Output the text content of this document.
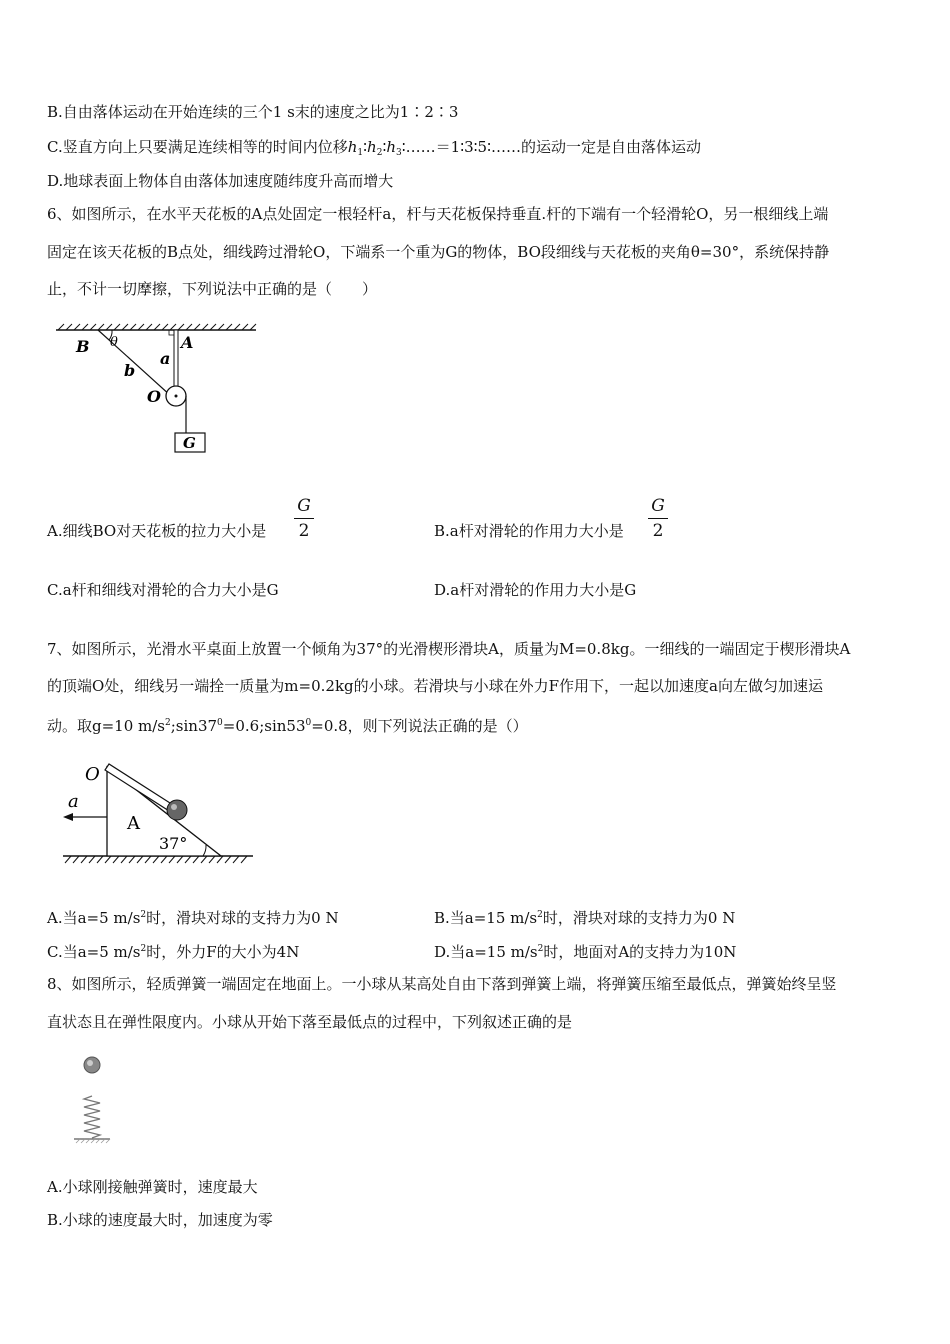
B.自由落体运动在开始连续的三个1 s末的速度之比为1∶2∶3
C.竖直方向上只要满足连续相等的时间内位移$h_1∶h_2∶h_3∶\dots\dots=1∶3∶5∶\dots\dots$的运动一定是自由落体运动
D.地球表面上物体自由落体加速度随纬度升高而增大
6、如图所示，在水平天花板的A点处固定一根轻杆a，杆与天花板保持垂直.杆的下端有一个轻滑轮O，另一根细线上端
固定在该天花板的B点处，细线跨过滑轮O，下端系一个重为G的物体，BO段细线与天花板的夹角θ=30°，系统保持静
止，不计一切摩擦，下列说法中正确的是（　　）
B θ	A
a
b
O
G
A.细线BO对天花板的拉力大小是
G
2	B.a杆对滑轮的作用力大小是
G
2
C.a杆和细线对滑轮的合力大小是G	D.a杆对滑轮的作用力大小是G
7、如图所示，光滑水平桌面上放置一个倾角为37°的光滑楔形滑块A，质量为M=0.8kg。一细线的一端固定于楔形滑块A
的顶端O处，细线另一端拴一质量为m=0.2kg的小球。若滑块与小球在外力F作用下，一起以加速度a向左做匀加速运
动。取g=10 $m/s^2;\sin 37^0=0.6;\sin 53^0=0.8$，则下列说法正确的是（）
O
a
A
37°
A.当a=5 $m/s^2$时，滑块对球的支持力为0 N	B.当a=15 $m/s^2$时，滑块对球的支持力为0 N
C.当a=5 $m/s^2$时，外力F的大小为4N	D.当a=15 $m/s^2$时，地面对A的支持力为10N
8、如图所示，轻质弹簧一端固定在地面上。一小球从某高处自由下落到弹簧上端，将弹簧压缩至最低点，弹簧始终呈竖
直状态且在弹性限度内。小球从开始下落至最低点的过程中，下列叙述正确的是
A.小球刚接触弹簧时，速度最大
B.小球的速度最大时，加速度为零
